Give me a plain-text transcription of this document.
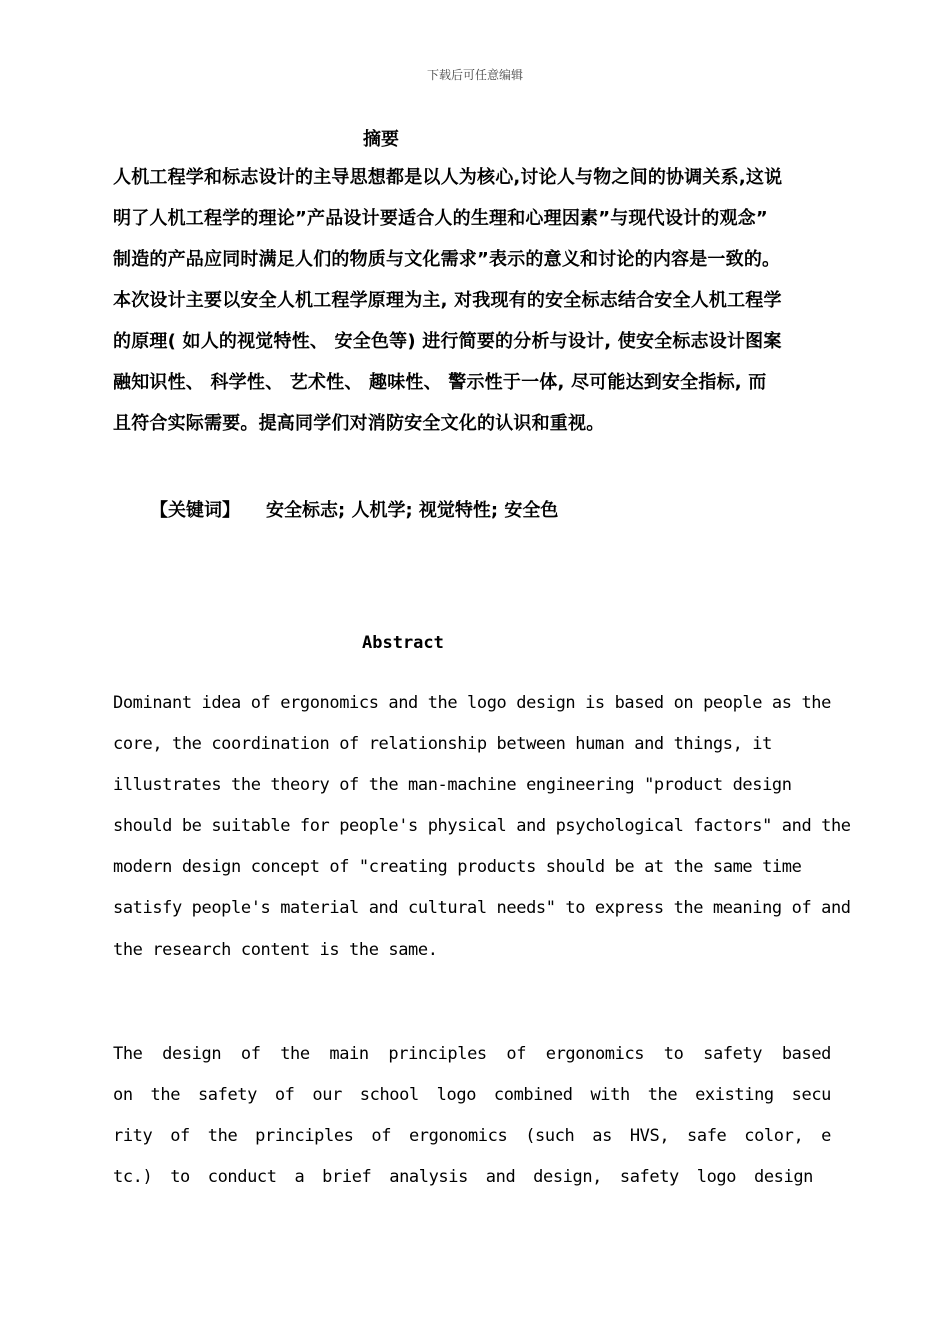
下载后可任意编辑
摘要

人机工程学和标志设计的主导思想都是以人为核心,讨论人与物之间的协调关系,这说

明了人机工程学的理论”产品设计要适合人的生理和心理因素”与现代设计的观念”

制造的产品应同时满足人们的物质与文化需求”表示的意义和讨论的内容是一致的。

本次设计主要以安全人机工程学原理为主, 对我现有的安全标志结合安全人机工程学

的原理( 如人的视觉特性、 安全色等) 进行简要的分析与设计, 使安全标志设计图案

融知识性、 科学性、 艺术性、 趣味性、 警示性于一体, 尽可能达到安全指标, 而

且符合实际需要。提高同学们对消防安全文化的认识和重视。

【关键词】 安全标志; 人机学; 视觉特性; 安全色

Abstract

Dominant idea of ergonomics and the logo design is based on people as the

core, the coordination of relationship between human and things, it

illustrates the theory of the man-machine engineering "product design

should be suitable for people's physical and psychological factors" and the

modern design concept of "creating products should be at the same time

satisfy people's material and cultural needs" to express the meaning of and

the research content is the same.

The design of the main principles of ergonomics to safety based

on the safety of our school logo combined with the existing secu

rity of the principles of ergonomics (such as HVS, safe color, e

tc.) to conduct a brief analysis and design, safety logo design
